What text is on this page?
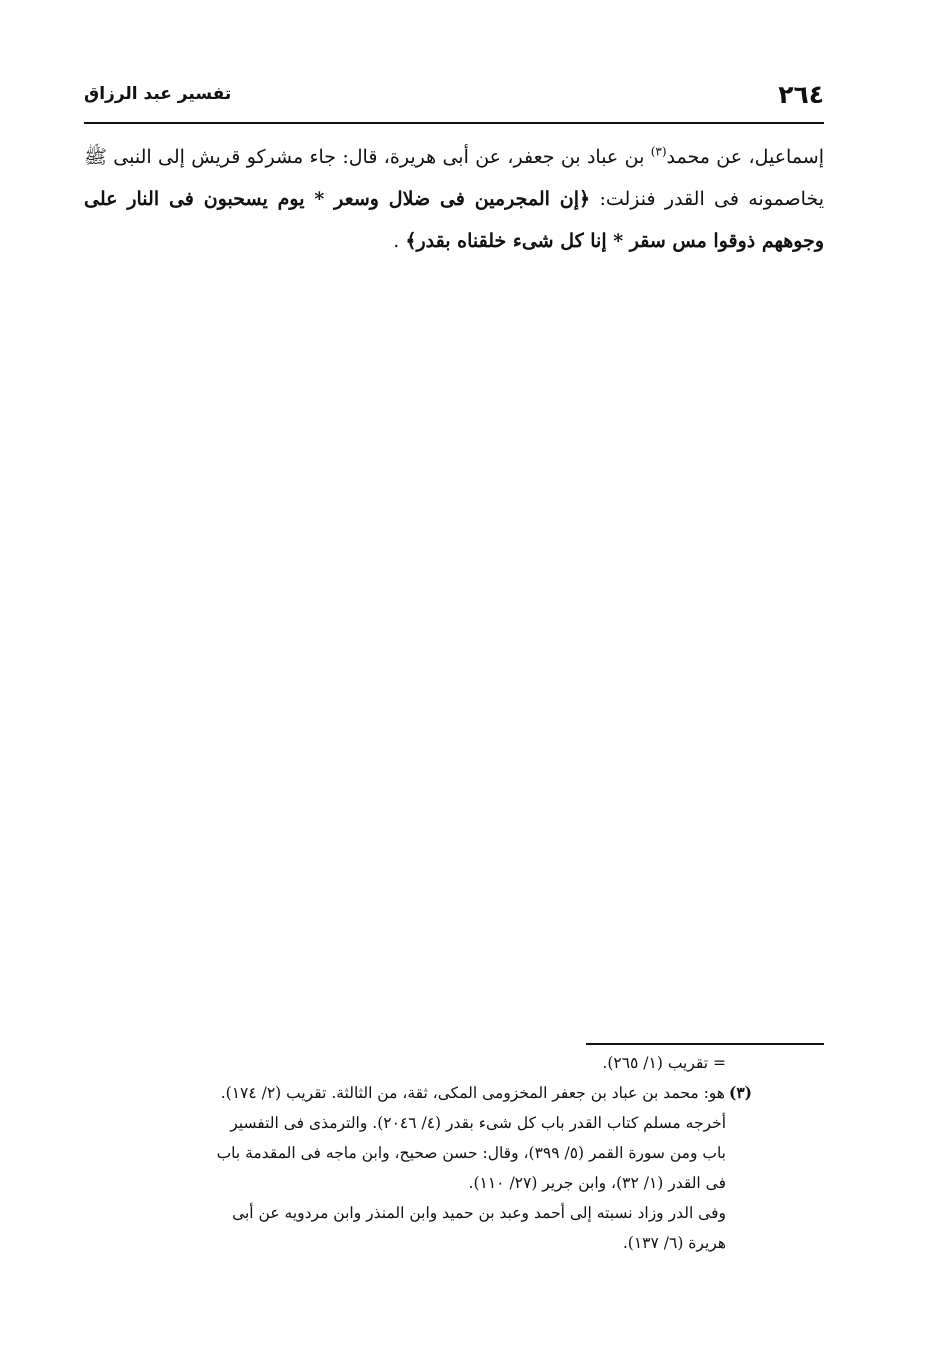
٢٦٤
تفسير عبد الرزاق
إسماعيل، عن محمد$^{(٣)}$ بن عباد بن جعفر، عن أبى هريرة، قال: جاء مشركو قريش إلى النبى ﷺ يخاصمونه فى القدر فنزلت: ﴿إن المجرمين فى ضلال وسعر * يوم يسحبون فى النار على وجوههم ذوقوا مس سقر * إنا كل شىء خلقناه بقدر﴾ .

= تقريب (١/ ٢٦٥).

(٣)هو: محمد بن عباد بن جعفر المخزومى المكى، ثقة، من الثالثة. تقريب (٢/ ١٧٤).

أخرجه مسلم كتاب القدر باب كل شىء بقدر (٤/ ٢٠٤٦). والترمذى فى التفسير

باب ومن سورة القمر (٥/ ٣٩٩)، وقال: حسن صحيح، وابن ماجه فى المقدمة باب

فى القدر (١/ ٣٢)، وابن جرير (٢٧/ ١١٠).

وفى الدر وزاد نسبته إلى أحمد وعبد بن حميد وابن المنذر وابن مردويه عن أبى

هريرة (٦/ ١٣٧).
